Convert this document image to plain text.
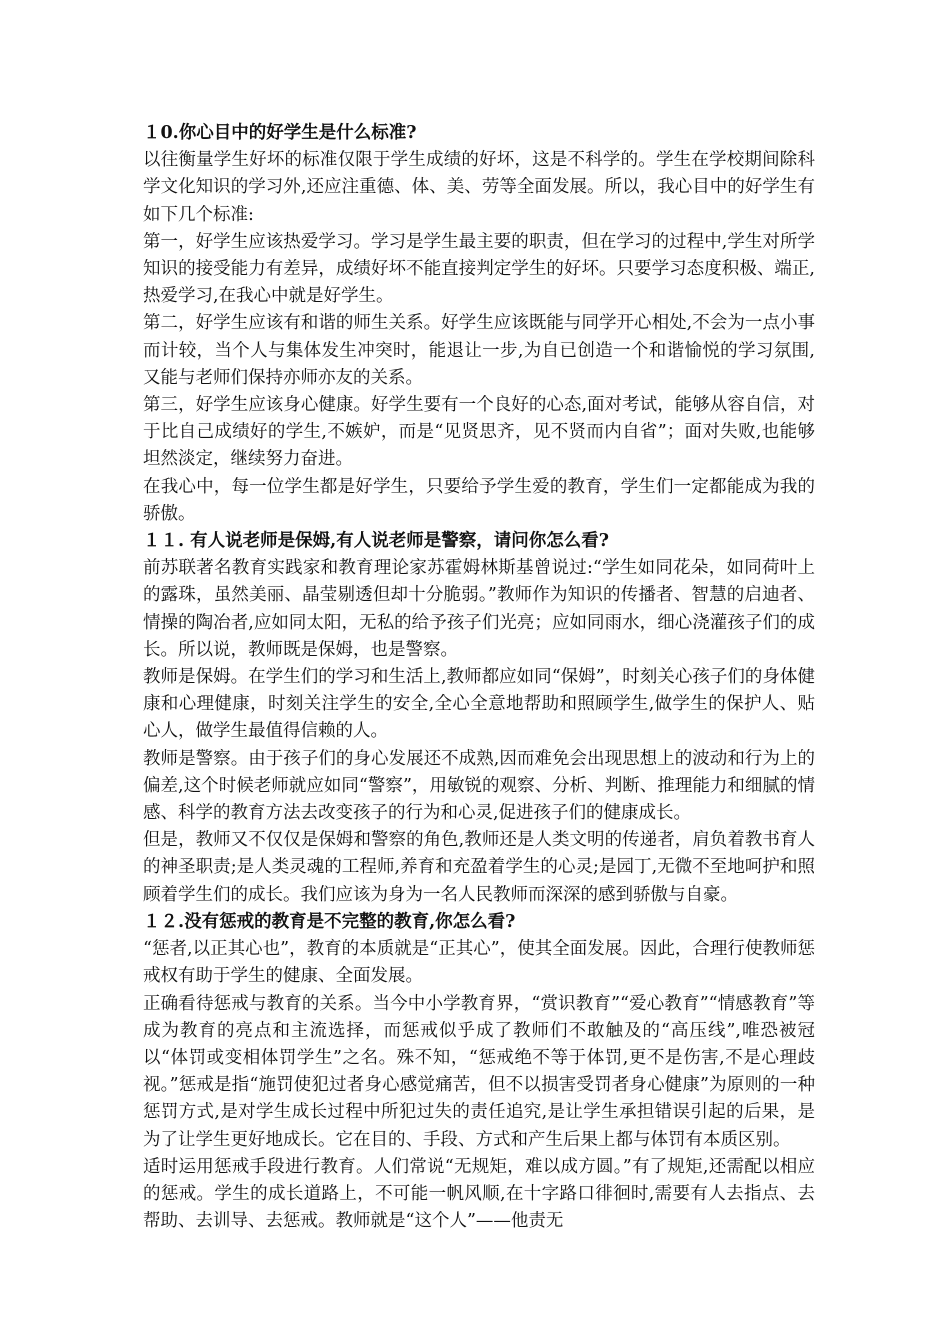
１0.你心目中的好学生是什么标准?
以往衡量学生好坏的标准仅限于学生成绩的好坏，这是不科学的。学生在学校期间除科学文化知识的学习外,还应注重德、体、美、劳等全面发展。所以，我心目中的好学生有如下几个标准:
第一，好学生应该热爱学习。学习是学生最主要的职责，但在学习的过程中,学生对所学知识的接受能力有差异，成绩好坏不能直接判定学生的好坏。只要学习态度积极、端正,热爱学习,在我心中就是好学生。
第二，好学生应该有和谐的师生关系。好学生应该既能与同学开心相处,不会为一点小事而计较，当个人与集体发生冲突时，能退让一步,为自已创造一个和谐愉悦的学习氛围,又能与老师们保持亦师亦友的关系。
第三，好学生应该身心健康。好学生要有一个良好的心态,面对考试，能够从容自信，对于比自己成绩好的学生,不嫉妒，而是“见贤思齐，见不贤而内自省”；面对失败,也能够坦然淡定，继续努力奋进。
在我心中，每一位学生都是好学生，只要给予学生爱的教育，学生们一定都能成为我的骄傲。
１１. 有人说老师是保姆,有人说老师是警察，请问你怎么看?
前苏联著名教育实践家和教育理论家苏霍姆林斯基曾说过:“学生如同花朵，如同荷叶上的露珠，虽然美丽、晶莹剔透但却十分脆弱。”教师作为知识的传播者、智慧的启迪者、情操的陶冶者,应如同太阳，无私的给予孩子们光亮；应如同雨水，细心浇灌孩子们的成长。所以说，教师既是保姆，也是警察。
教师是保姆。在学生们的学习和生活上,教师都应如同“保姆”，时刻关心孩子们的身体健康和心理健康，时刻关注学生的安全,全心全意地帮助和照顾学生,做学生的保护人、贴心人，做学生最值得信赖的人。
教师是警察。由于孩子们的身心发展还不成熟,因而难免会出现思想上的波动和行为上的偏差,这个时候老师就应如同“警察”，用敏锐的观察、分析、判断、推理能力和细腻的情感、科学的教育方法去改变孩子的行为和心灵,促进孩子们的健康成长。
但是，教师又不仅仅是保姆和警察的角色,教师还是人类文明的传递者，肩负着教书育人的神圣职责;是人类灵魂的工程师,养育和充盈着学生的心灵;是园丁,无微不至地呵护和照顾着学生们的成长。我们应该为身为一名人民教师而深深的感到骄傲与自豪。
１２.没有惩戒的教育是不完整的教育,你怎么看?
“惩者,以正其心也”，教育的本质就是“正其心”，使其全面发展。因此，合理行使教师惩戒权有助于学生的健康、全面发展。
正确看待惩戒与教育的关系。当今中小学教育界，“赏识教育”“爱心教育”“情感教育”等成为教育的亮点和主流选择，而惩戒似乎成了教师们不敢触及的“高压线”,唯恐被冠以“体罚或变相体罚学生”之名。殊不知，“惩戒绝不等于体罚,更不是伤害,不是心理歧视。”惩戒是指“施罚使犯过者身心感觉痛苦，但不以损害受罚者身心健康”为原则的一种惩罚方式,是对学生成长过程中所犯过失的责任追究,是让学生承担错误引起的后果，是为了让学生更好地成长。它在目的、手段、方式和产生后果上都与体罚有本质区别。
适时运用惩戒手段进行教育。人们常说“无规矩，难以成方圆。”有了规矩,还需配以相应的惩戒。学生的成长道路上，不可能一帆风顺,在十字路口徘徊时,需要有人去指点、去帮助、去训导、去惩戒。教师就是“这个人”——他责无
